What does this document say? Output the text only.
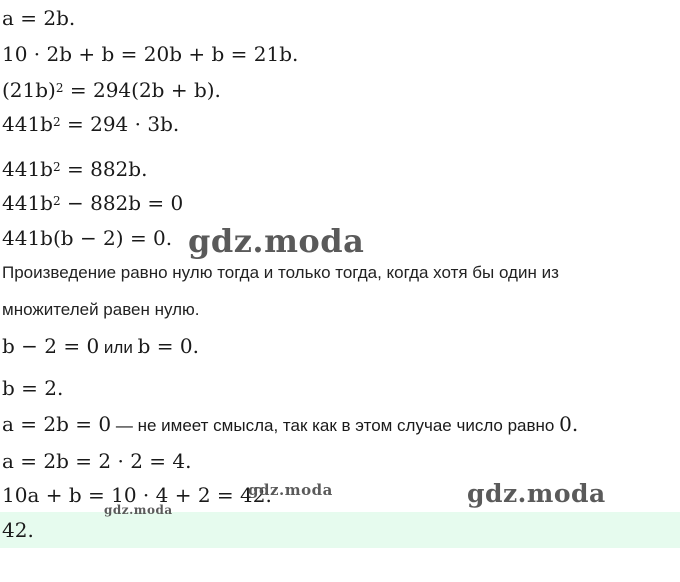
a = 2b.
10 · 2b + b = 20b + b = 21b.
$(21b)^2 = 294(2b + b)$.
$441b^2 = 294 \cdot 3b$.
$441b^2 = 882b$.
$441b^2 - 882b = 0$
441b(b − 2) = 0. gdz.moda
Произведение равно нулю тогда и только тогда, когда хотя бы один из
множителей равен нулю.
b − 2 = 0 или b = 0.
b = 2.
a = 2b = 0 — не имеет смысла, так как в этом случае число равно 0.
a = 2b = 2 · 2 = 4.
10a + b = 10 · 4 + 2 = 42.
gdz.moda	gdz.moda
gdz.moda
42.
